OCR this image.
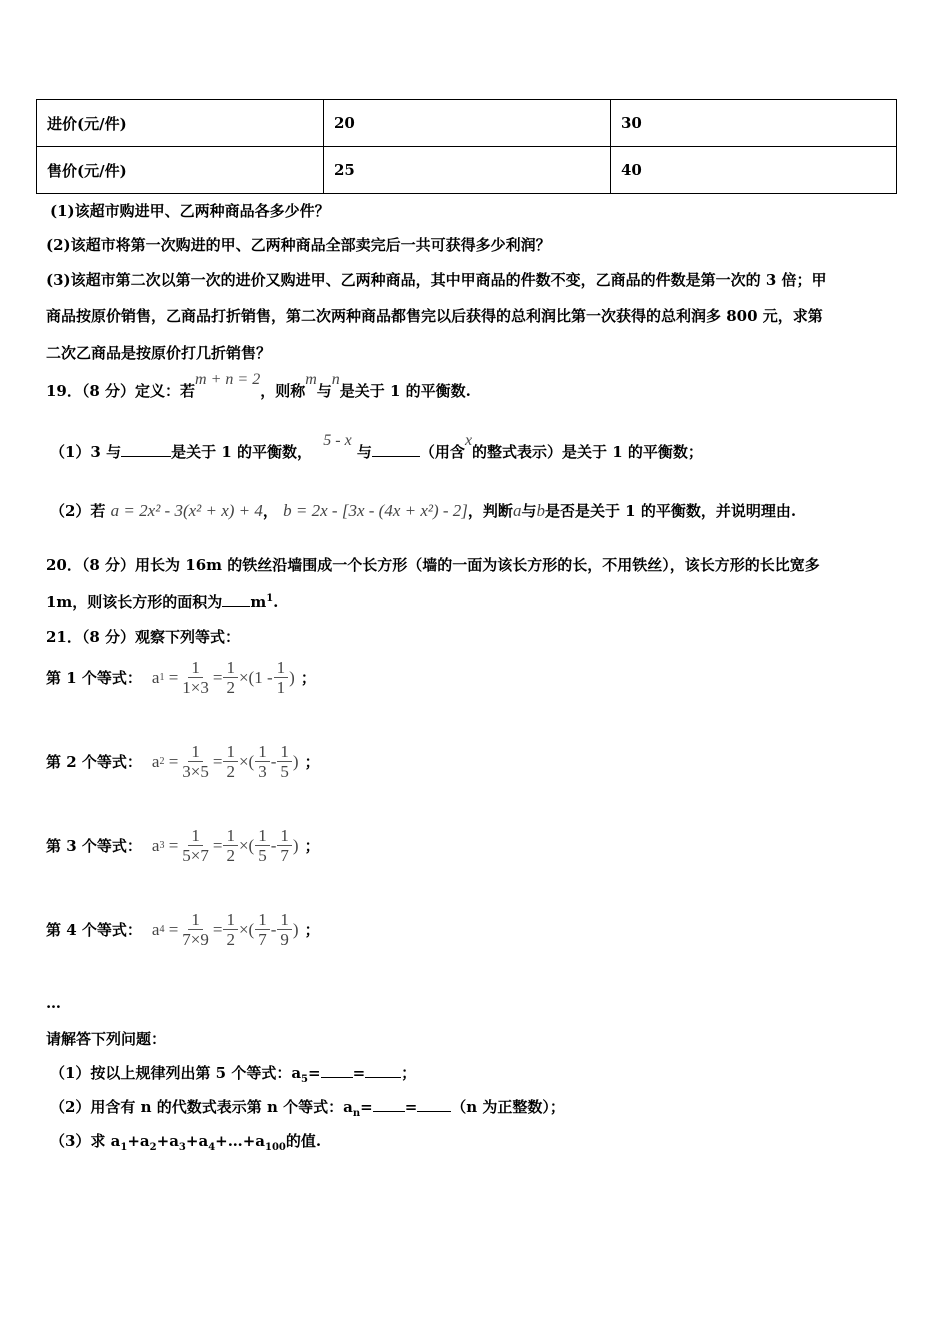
进价(元/件)	20	30
售价(元/件)	25	40
(1)该超市购进甲、乙两种商品各多少件？
(2)该超市将第一次购进的甲、乙两种商品全部卖完后一共可获得多少利润？
(3)该超市第二次以第一次的进价又购进甲、乙两种商品，其中甲商品的件数不变，乙商品的件数是第一次的 3 倍；甲
商品按原价销售，乙商品打折销售，第二次两种商品都售完以后获得的总利润比第一次获得的总利润多 800 元，求第
二次乙商品是按原价打几折销售？
19．（8 分）定义：若m + n = 2，则称m与n是关于 1 的平衡数.
（1）3 与	是关于 1 的平衡数， 5 - x 与	（用含x的整式表示）是关于 1 的平衡数；
（2）若 a = 2x² - 3(x² + x) + 4， b = 2x - [3x - (4x + x²) - 2]，判断a与b是否是关于 1 的平衡数，并说明理由.
20．（8 分）用长为 16m 的铁丝沿墙围成一个长方形（墙的一面为该长方形的长，不用铁丝），该长方形的长比宽多
1m，则该长方形的面积为 $m^1$.
21．（8 分）观察下列等式：
第 1 个等式： a $1 = \frac{1}{1\times 3} = \frac{1}{2}$ ×( $1 - \frac{1}{1}$ ) ；
第 2 个等式： a $2 = \frac{1}{3\times 5} = \frac{1}{2}$ ×( $\frac{1}{3} - \frac{1}{5}$ ) ；
第 3 个等式： a $3 = \frac{1}{5\times 7} = \frac{1}{2}$ ×( $\frac{1}{5} - \frac{1}{7}$ ) ；
第 4 个等式： a $4 = \frac{1}{7\times 9} = \frac{1}{2}$ ×( $\frac{1}{7} - \frac{1}{9}$ ) ；
…
请解答下列问题：
（1）按以上规律列出第 5 个等式：$a_5=$ = ；
（2）用含有 n 的代数式表示第 n 个等式：$a_n= = (n$ 为正整数）；
（3）求 $a_1+a_2+a_3+a_4+\dots+a_{100}$的值.
